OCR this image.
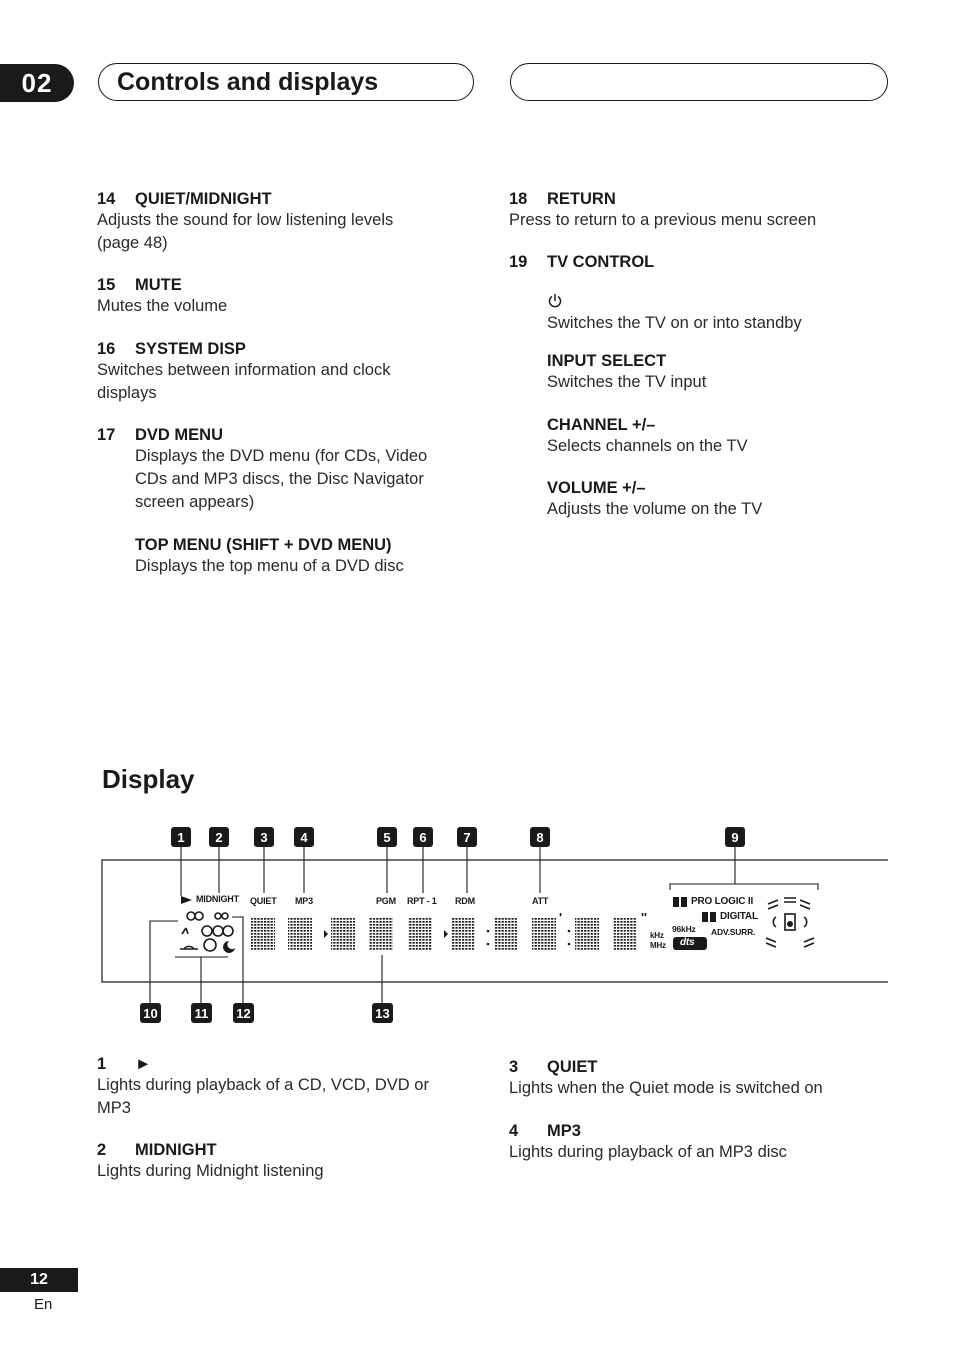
02	Controls and displays
14 QUIET/MIDNIGHT
Adjusts the sound for low listening levels
(page 48)
15 MUTE
Mutes the volume
16 SYSTEM DISP
Switches between information and clock
displays
17 DVD MENU
Displays the DVD menu (for CDs, Video
CDs and MP3 discs, the Disc Navigator
screen appears)
TOP MENU (SHIFT + DVD MENU)
Displays the top menu of a DVD disc
18 RETURN
Press to return to a previous menu screen
19 TV CONTROL
Switches the TV on or into standby
INPUT SELECT
Switches the TV input
CHANNEL +/–
Selects channels on the TV
VOLUME +/–
Adjusts the volume on the TV
Display
1	2	3	4	5	6	7	8	9
10	11 12	13
MIDNIGHT QUIET MP3	PGM RPT - 1 RDM	ATT
'	''
PRO LOGIC II
DIGITAL
ADV.SURR.
96kHz
kHz
MHz dts
1 ►
Lights during playback of a CD, VCD, DVD or
MP3
2 MIDNIGHT
Lights during Midnight listening
3 QUIET
Lights when the Quiet mode is switched on
4 MP3
Lights during playback of an MP3 disc
12
En
